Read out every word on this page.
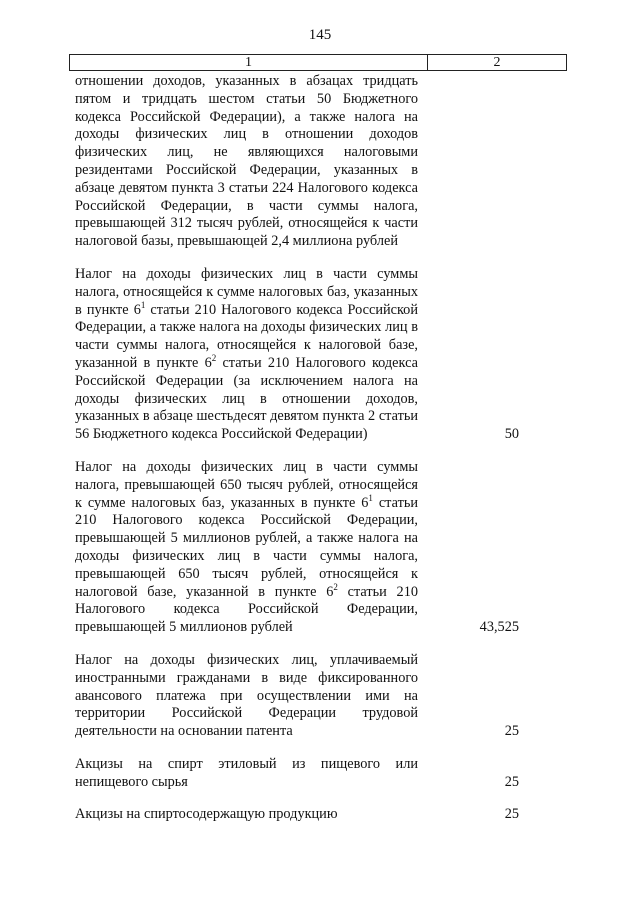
145
1	2
отношении доходов, указанных в абзацах тридцать пятом и тридцать шестом статьи 50 Бюджетного кодекса Российской Федерации), а также налога на доходы физических лиц в отношении доходов физических лиц, не являющихся налоговыми резидентами Российской Федерации, указанных в абзаце девятом пункта 3 статьи 224 Налогового кодекса Российской Федерации, в части суммы налога, превышающей 312 тысяч рублей, относящейся к части налоговой базы, превышающей 2,4 миллиона рублей
Налог на доходы физических лиц в части суммы налога, относящейся к сумме налоговых баз, указанных в пункте $6^1$ статьи 210 Налогового кодекса Российской Федерации, а также налога на доходы физических лиц в части суммы налога, относящейся к налоговой базе, указанной в пункте $6^2$ статьи 210 Налогового кодекса Российской Федерации (за исключением налога на доходы физических лиц в отношении доходов, указанных в абзаце шестьдесят девятом пункта 2 статьи 56 Бюджетного кодекса Российской Федерации)	50
Налог на доходы физических лиц в части суммы налога, превышающей 650 тысяч рублей, относящейся к сумме налоговых баз, указанных в пункте $6^1$ статьи 210 Налогового кодекса Российской Федерации, превышающей 5 миллионов рублей, а также налога на доходы физических лиц в части суммы налога, превышающей 650 тысяч рублей, относящейся к налоговой базе, указанной в пункте $6^2$ статьи 210 Налогового кодекса Российской Федерации, превышающей 5 миллионов рублей	43,525
Налог на доходы физических лиц, уплачиваемый иностранными гражданами в виде фиксированного авансового платежа при осуществлении ими на территории Российской Федерации трудовой деятельности на основании патента	25
Акцизы на спирт этиловый из пищевого или непищевого сырья	25
Акцизы на спиртосодержащую продукцию	25
